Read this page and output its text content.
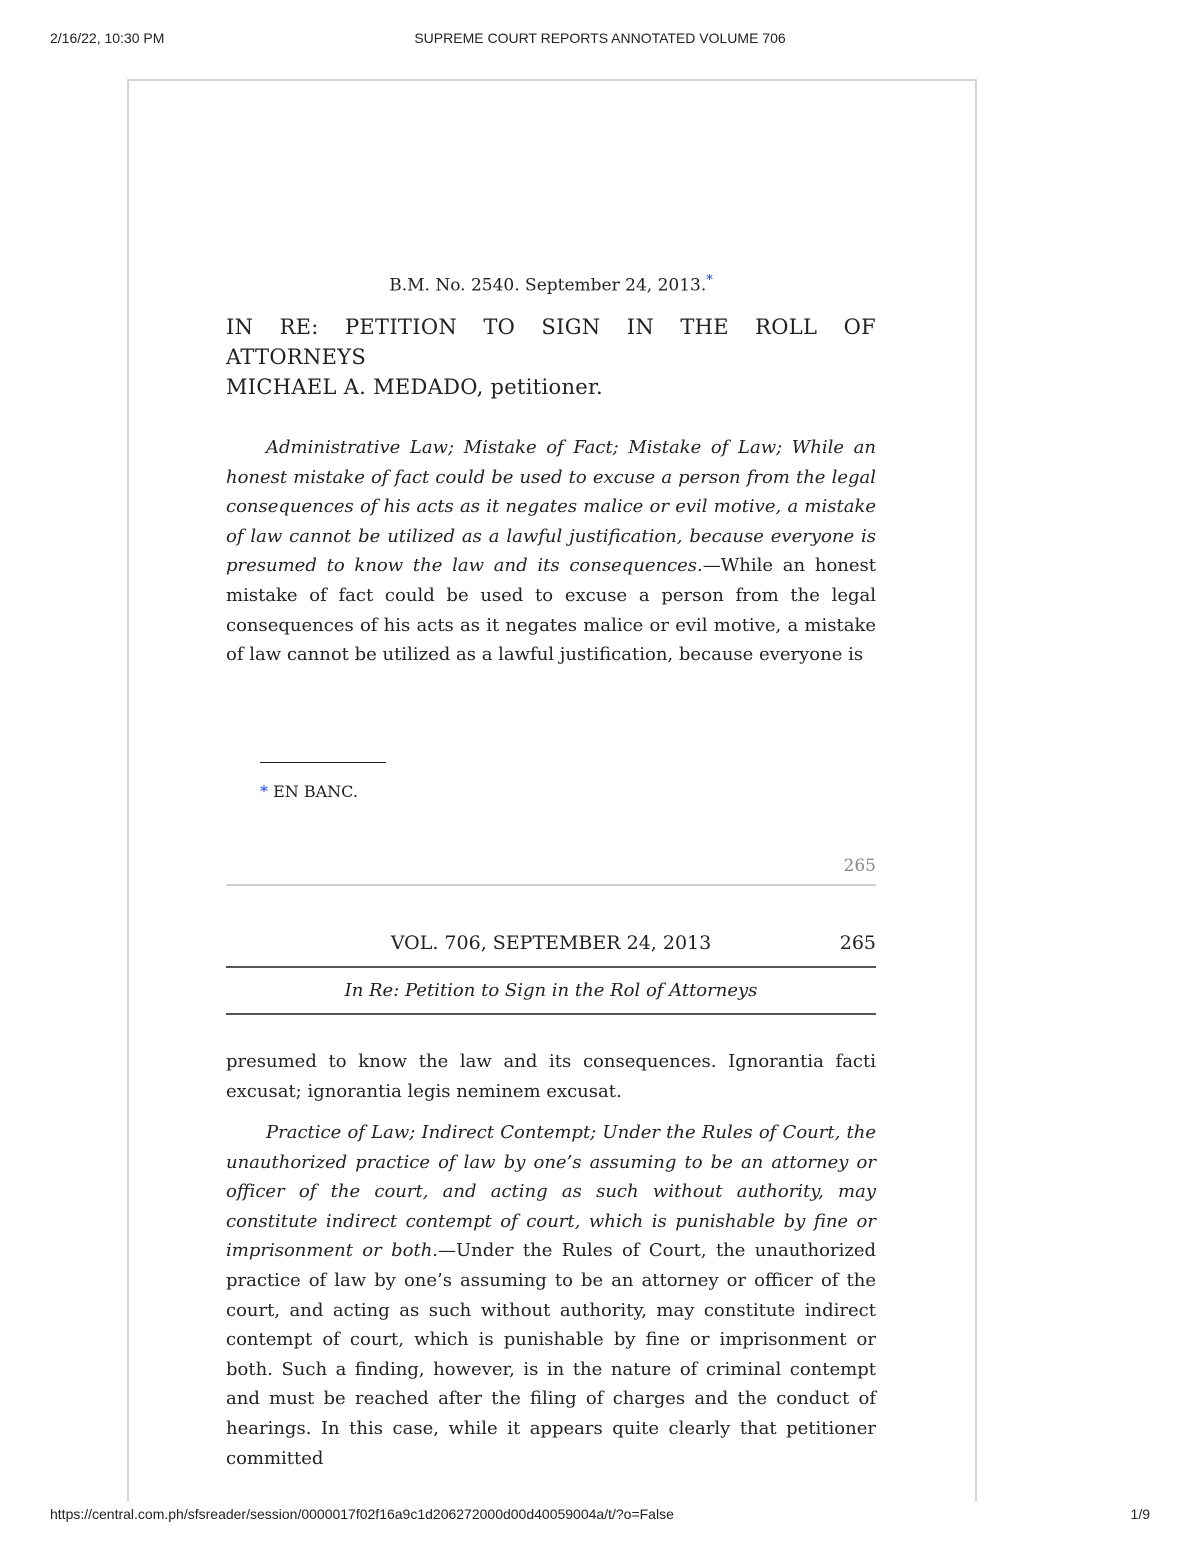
2/16/22, 10:30 PM	SUPREME COURT REPORTS ANNOTATED VOLUME 706
B.M. No. 2540. September 24, 2013.*
IN RE: PETITION TO SIGN IN THE ROLL OF
ATTORNEYS
MICHAEL A. MEDADO, petitioner.

Administrative Law; Mistake of Fact; Mistake of Law; While an honest mistake of fact could be used to excuse a person from the legal consequences of his acts as it negates malice or evil motive, a mistake of law cannot be utilized as a lawful justification, because everyone is presumed to know the law and its consequences.—While an honest mistake of fact could be used to excuse a person from the legal consequences of his acts as it negates malice or evil motive, a mistake of law cannot be utilized as a lawful justification, because everyone is

* EN BANC.
265
VOL. 706, SEPTEMBER 24, 2013	265
In Re: Petition to Sign in the Rol of Attorneys

presumed to know the law and its consequences. Ignorantia facti excusat; ignorantia legis neminem excusat.

Practice of Law; Indirect Contempt; Under the Rules of Court, the unauthorized practice of law by one’s assuming to be an attorney or officer of the court, and acting as such without authority, may constitute indirect contempt of court, which is punishable by fine or imprisonment or both.—Under the Rules of Court, the unauthorized practice of law by one’s assuming to be an attorney or officer of the court, and acting as such without authority, may constitute indirect contempt of court, which is punishable by fine or imprisonment or both. Such a finding, however, is in the nature of criminal contempt and must be reached after the filing of charges and the conduct of hearings. In this case, while it appears quite clearly that petitioner committed

https://central.com.ph/sfsreader/session/0000017f02f16a9c1d206272000d00d40059004a/t/?o=False	1/9
